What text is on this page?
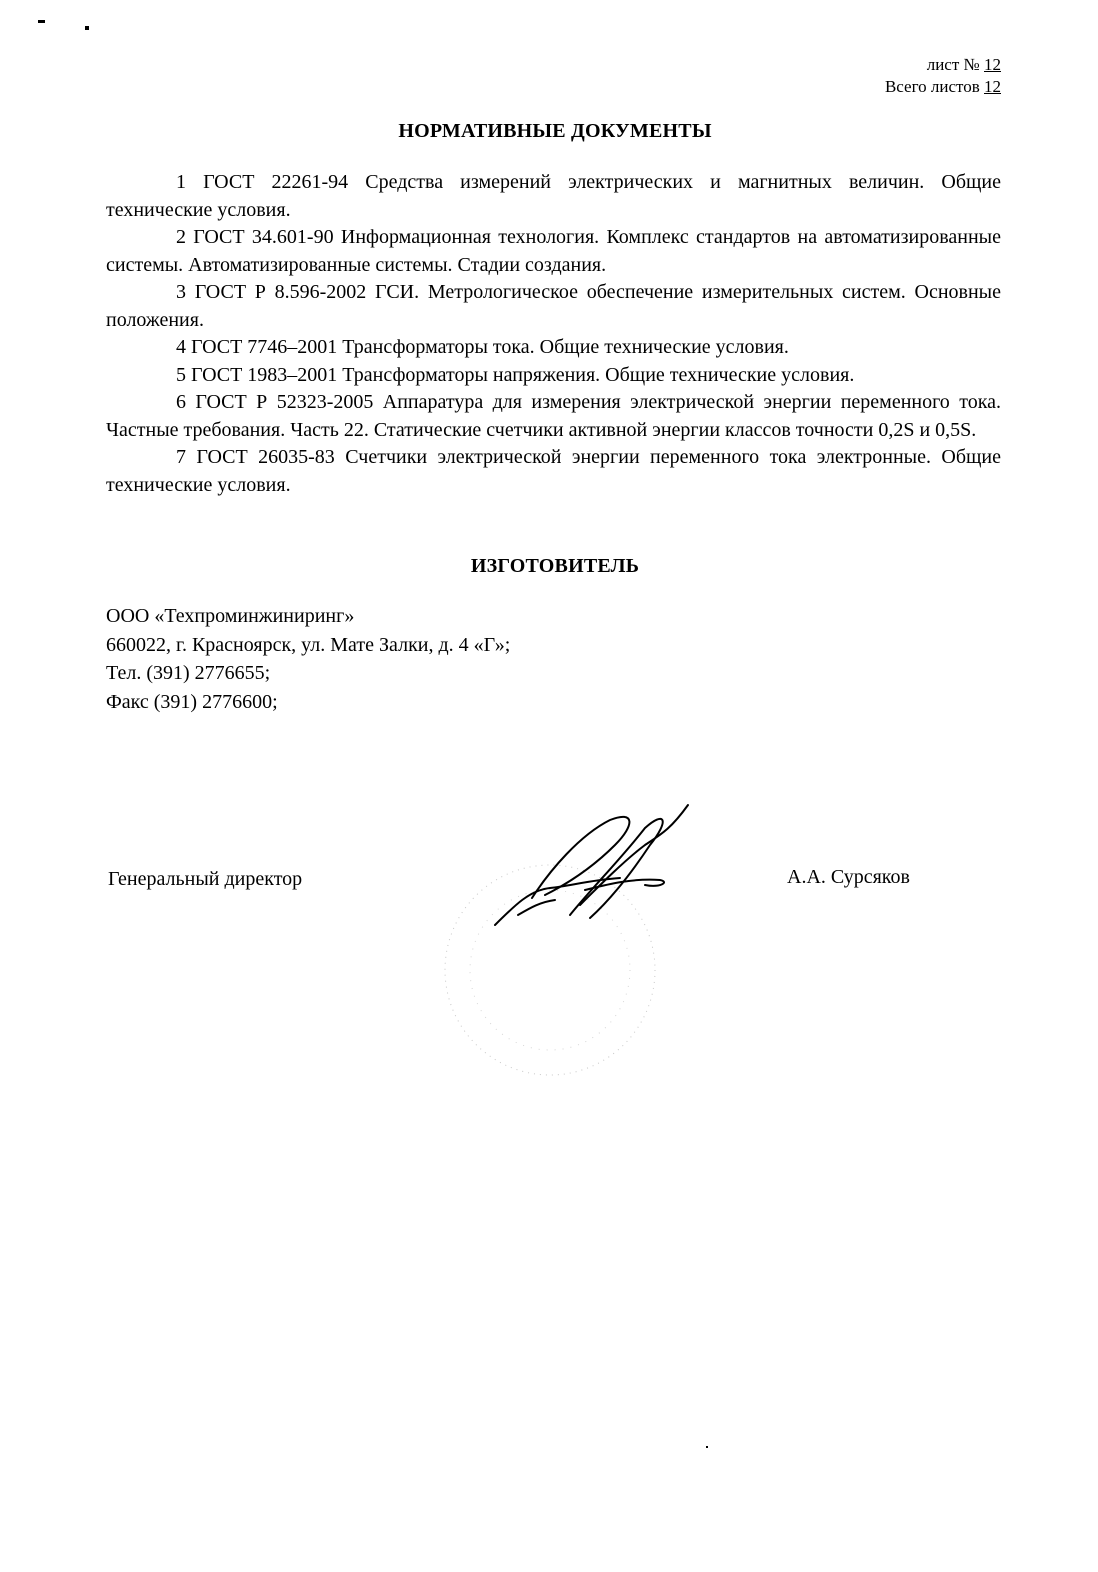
лист № 12
Всего листов 12
НОРМАТИВНЫЕ ДОКУМЕНТЫ

1 ГОСТ 22261-94 Средства измерений электрических и магнитных величин. Общие технические условия.

2 ГОСТ 34.601-90 Информационная технология. Комплекс стандартов на автоматизированные системы. Автоматизированные системы. Стадии создания.

3 ГОСТ Р 8.596-2002 ГСИ. Метрологическое обеспечение измерительных систем. Основные положения.

4 ГОСТ 7746–2001 Трансформаторы тока. Общие технические условия.

5 ГОСТ 1983–2001 Трансформаторы напряжения. Общие технические условия.

6 ГОСТ Р 52323-2005 Аппаратура для измерения электрической энергии переменного тока. Частные требования. Часть 22. Статические счетчики активной энергии классов точности 0,2S и 0,5S.

7 ГОСТ 26035-83 Счетчики электрической энергии переменного тока электронные. Общие технические условия.

ИЗГОТОВИТЕЛЬ
ООО «Техпроминжиниринг»
660022, г. Красноярск, ул. Мате Залки, д. 4 «Г»;
Тел. (391) 2776655;
Факс (391) 2776600;
Генеральный директор	А.А. Сурсяков
